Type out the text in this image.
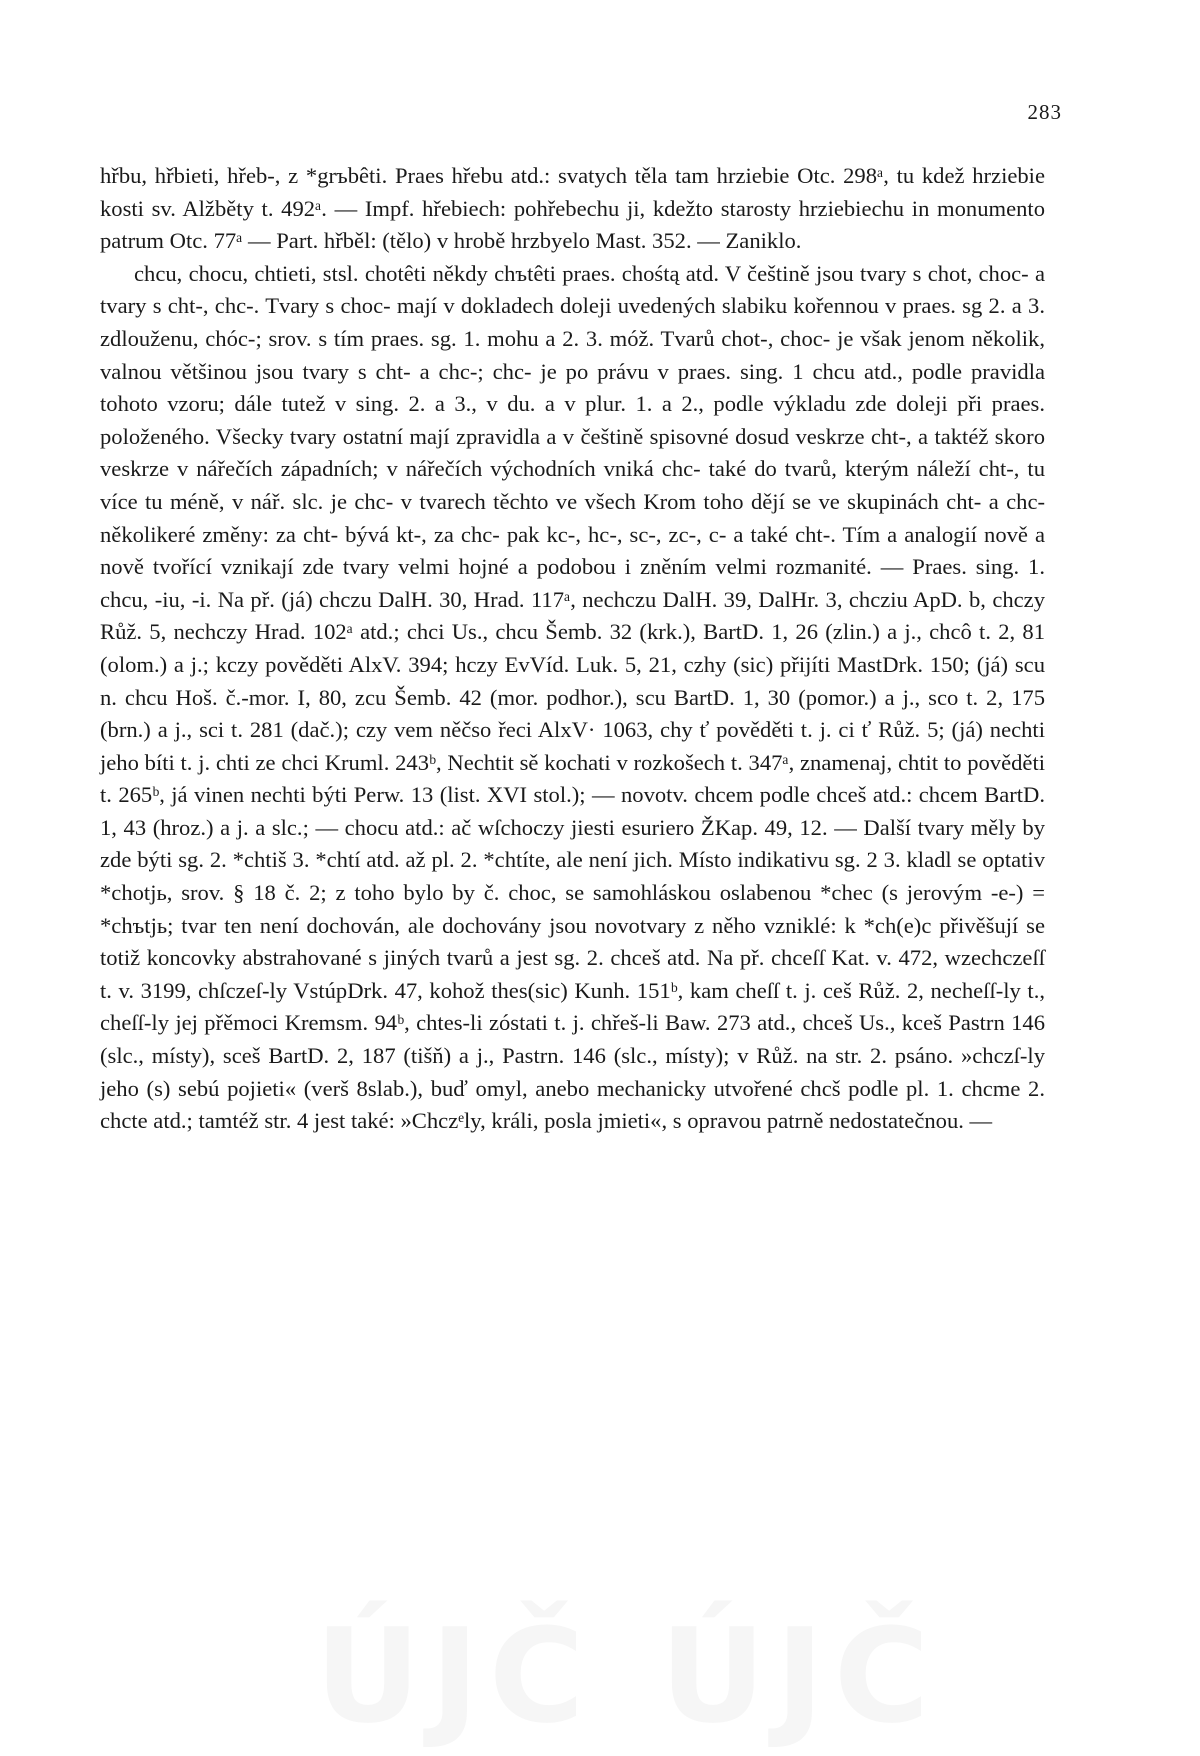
283

hřbu, hřbieti, hřeb-, z *grъbêti. Praes hřebu atd.: svatych těla tam hrziebie Otc. 298ᵃ, tu kdež hrziebie kosti sv. Alžběty t. 492ᵃ. — Impf. hřebiech: pohřebechu ji, kdežto starosty hrziebiechu in monumento patrum Otc. 77ᵃ — Part. hřběl: (tělo) v hrobě hrzbyelo Mast. 352. — Zaniklo.

chcu, chocu, chtieti, stsl. chotêti někdy chъtêti praes. chośtą atd. V češtině jsou tvary s chot, choc- a tvary s cht-, chc-. Tvary s choc- mají v dokladech doleji uvedených slabiku kořennou v praes. sg 2. a 3. zdlouženu, chóc-; srov. s tím praes. sg. 1. mohu a 2. 3. móž. Tvarů chot-, choc- je však jenom několik, valnou většinou jsou tvary s cht- a chc-; chc- je po právu v praes. sing. 1 chcu atd., podle pravidla tohoto vzoru; dále tutež v sing. 2. a 3., v du. a v plur. 1. a 2., podle výkladu zde doleji při praes. položeného. Všecky tvary ostatní mají zpravidla a v češtině spisovné dosud veskrze cht-, a taktéž skoro veskrze v nářečích západních; v nářečích východních vniká chc- také do tvarů, kterým náleží cht-, tu více tu méně, v nář. slc. je chc- v tvarech těchto ve všech Krom toho dějí se ve skupinách cht- a chc- několikeré změny: za cht- bývá kt-, za chc- pak kc-, hc-, sc-, zc-, c- a také cht-. Tím a analogií nově a nově tvořící vznikají zde tvary velmi hojné a podobou i zněním velmi rozmanité. — Praes. sing. 1. chcu, -iu, -i. Na př. (já) chczu DalH. 30, Hrad. 117ᵃ, nechczu DalH. 39, DalHr. 3, chcziu ApD. b, chczy Růž. 5, nechczy Hrad. 102ᵃ atd.; chci Us., chcu Šemb. 32 (krk.), BartD. 1, 26 (zlin.) a j., chcô t. 2, 81 (olom.) a j.; kczy pověděti AlxV. 394; hczy EvVíd. Luk. 5, 21, czhy (sic) přijíti MastDrk. 150; (já) scu n. chcu Hoš. č.-mor. I, 80, zcu Šemb. 42 (mor. podhor.), scu BartD. 1, 30 (pomor.) a j., sco t. 2, 175 (brn.) a j., sci t. 281 (dač.); czy vem něčso řeci AlxV· 1063, chy ť pověděti t. j. ci ť Růž. 5; (já) nechti jeho bíti t. j. chti ze chci Kruml. 243ᵇ, Nechtit sě kochati v rozkošech t. 347ᵃ, znamenaj, chtit to pověděti t. 265ᵇ, já vinen nechti býti Perw. 13 (list. XVI stol.); — novotv. chcem podle chceš atd.: chcem BartD. 1, 43 (hroz.) a j. a slc.; — chocu atd.: ač wſchoczy jiesti esuriero ŽKap. 49, 12. — Další tvary měly by zde býti sg. 2. *chtiš 3. *chtí atd. až pl. 2. *chtíte, ale není jich. Místo indikativu sg. 2 3. kladl se optativ *chotjь, srov. § 18 č. 2; z toho bylo by č. choc, se samohláskou oslabenou *chec (s jerovým -e-) = *chъtjь; tvar ten není dochován, ale dochovány jsou novotvary z něho vzniklé: k *ch(e)c přivěšují se totiž koncovky abstrahované s jiných tvarů a jest sg. 2. chceš atd. Na př. chceſſ Kat. v. 472, wzechczeſſ t. v. 3199, chſczeſ-ly VstúpDrk. 47, kohož thes(sic) Kunh. 151ᵇ, kam cheſſ t. j. ceš Růž. 2, necheſſ-ly t., cheſſ-ly jej přěmoci Kremsm. 94ᵇ, chtes-li zóstati t. j. chřeš-li Baw. 273 atd., chceš Us., kceš Pastrn 146 (slc., místy), sceš BartD. 2, 187 (tišň) a j., Pastrn. 146 (slc., místy); v Růž. na str. 2. psáno. »chczſ-ly jeho (s) sebú pojieti« (verš 8slab.), buď omyl, anebo mechanicky utvořené chcš podle pl. 1. chcme 2. chcte atd.; tamtéž str. 4 jest také: »Chczᵉly, králi, posla jmieti«, s opravou patrně nedostatečnou. —

ÚJČ ÚJČ
